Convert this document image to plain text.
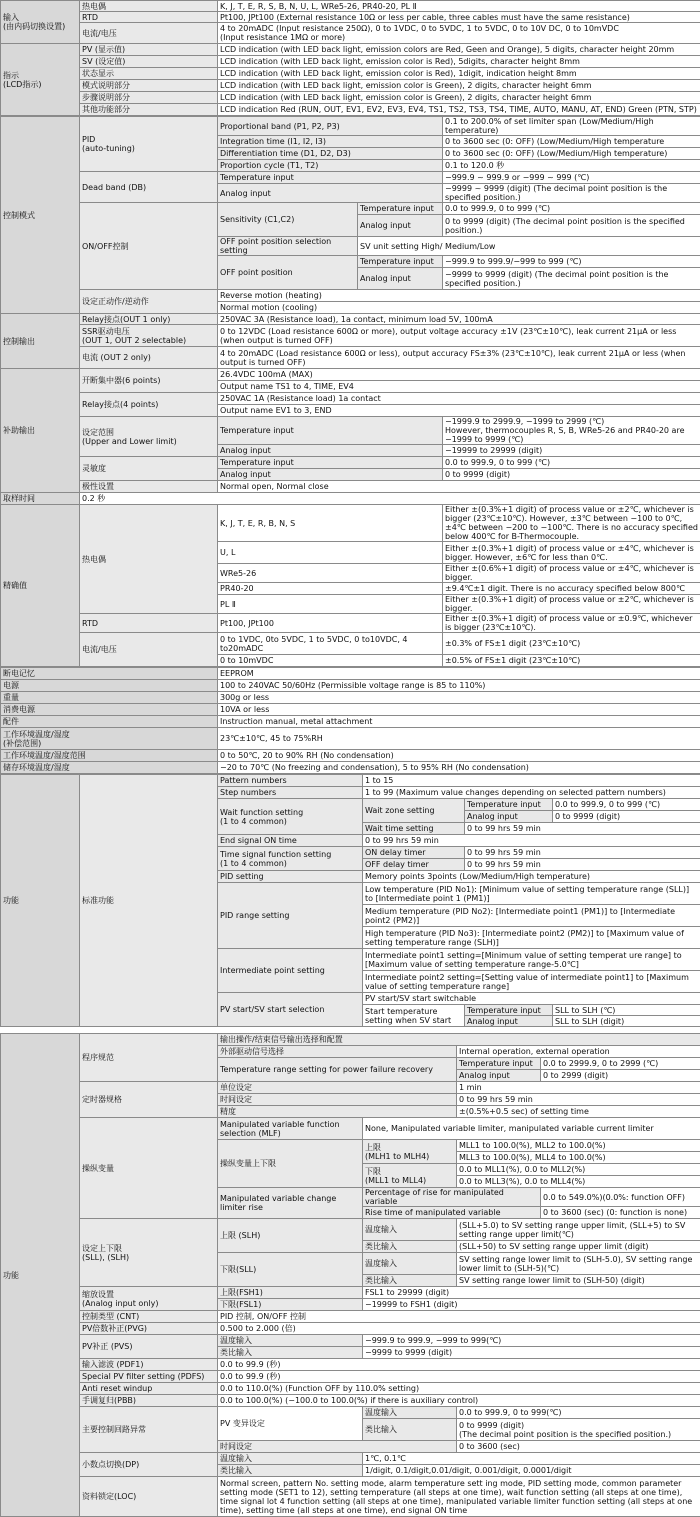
输入
(由内码切换设置)	热电偶	K, J, T, E, R, S, B, N, U, L, WRe5-26, PR40-20, PL Ⅱ
	RTD	Pt100, JPt100 (External resistance 10Ω or less per cable, three cables must have the same resistance)
	电流/电压	4 to 20mADC (Input resistance 250Ω), 0 to 1VDC, 0 to 5VDC, 1 to 5VDC, 0 to 10V DC, 0 to 10mVDC
(Input resistance 1MΩ or more)
指示
(LCD指示)	PV (显示值)	LCD indication (with LED back light, emission colors are Red, Geen and Orange), 5 digits, character height 20mm
	SV (设定值)	LCD indication (with LED back light, emission color is Red), 5digits, character height 8mm
	状态显示	LCD indication (with LED back light, emission color is Red), 1digit, indication height 8mm
	模式说明部分	LCD indication (with LED back light, emission color is Green), 2 digits, character height 6mm
	步骤说明部分	LCD indication (with LED back light, emission color is Green), 2 digits, character height 6mm
	其他功能部分	LCD indication Red (RUN, OUT, EV1, EV2, EV3, EV4, TS1, TS2, TS3, TS4, TIME, AUTO, MANU, AT, END) Green (PTN, STP)
控制模式	PID
(auto-tuning)	Proportional band (P1, P2, P3)		0.1 to 200.0% of set limiter span (Low/Medium/High temperature)
		Integration time (I1, I2, I3)		0 to 3600 sec (0: OFF) (Low/Medium/High temperature
		Differentiation time (D1, D2, D3)		0 to 3600 sec (0: OFF) (Low/Medium/High temperature)
		Proportion cycle (T1, T2)		0.1 to 120.0 秒
	Dead band (DB)	Temperature input		−999.9 ~ 999.9 or −999 ~ 999 (℃)
		Analog input		−9999 ~ 9999 (digit) (The decimal point position is the specified position.)
	ON/OFF控制	Sensitivity (C1,C2)	Temperature input	0.0 to 999.9, 0 to 999 (℃)
			Analog input	0 to 9999 (digit) (The decimal point position is the specified position.)
		OFF point position selection setting	SV unit setting High/ Medium/Low	
		OFF point position	Temperature input	−999.9 to 999.9/−999 to 999 (℃)
			Analog input	−9999 to 9999 (digit) (The decimal point position is the specified position.)
	设定正动作/逆动作	Reverse motion (heating)		
		Normal motion (cooling)		
控制输出	Relay接点(OUT 1 only)	250VAC 3A (Resistance load), 1a contact, minimum load 5V, 100mA		
	SSR驱动电压
(OUT 1, OUT 2 selectable)	0 to 12VDC (Load resistance 600Ω or more), output voltage accuracy ±1V (23℃±10℃), leak current 21μA or less (when output is turned OFF)		
	电流 (OUT 2 only)	4 to 20mADC (Load resistance 600Ω or less), output accuracy FS±3% (23℃±10℃), leak current 21μA or less (when output is turned OFF)		
补助输出	开断集中器(6 points)	26.4VDC 100mA (MAX)		
		Output name TS1 to 4, TIME, EV4		
	Relay接点(4 points)	250VAC 1A (Resistance load) 1a contact		
		Output name EV1 to 3, END		
	设定范围
(Upper and Lower limit)	Temperature input		−1999.9 to 2999.9, −1999 to 2999 (℃)
However, thermocouples R, S, B, WRe5-26 and PR40-20 are −1999 to 9999 (℃)
		Analog input		−19999 to 29999 (digit)
	灵敏度	Temperature input		0.0 to 999.9, 0 to 999 (℃)
		Analog input		0 to 9999 (digit)
	极性设置	Normal open, Normal close		
取样时间	0.2 秒			
精确值	热电偶	K, J, T, E, R, B, N, S		Either ±(0.3%+1 digit) of process value or ±2℃, whichever is bigger (23℃±10℃). However, ±3℃ between −100 to 0℃, ±4℃ between −200 to −100℃. There is no accuracy specified below 400℃ for B-Thermocouple.
		U, L		Either ±(0.3%+1 digit) of process value or ±4℃, whichever is bigger. However, ±6℃ for less than 0℃.
		WRe5-26		Either ±(0.6%+1 digit) of process value or ±4℃, whichever is bigger.
		PR40-20		±9.4℃±1 digit. There is no accuracy specified below 800℃
		PL Ⅱ		Either ±(0.3%+1 digit) of process value or ±2℃, whichever is bigger.
	RTD	Pt100, JPt100		Either ±(0.3%+1 digit) of process value or ±0.9℃, whichever is bigger (23℃±10℃).
	电流/电压	0 to 1VDC, 0to 5VDC, 1 to 5VDC, 0 to10VDC, 4 to20mADC		±0.3% of FS±1 digit (23℃±10℃)
		0 to 10mVDC		±0.5% of FS±1 digit (23℃±10℃)
断电记忆	EEPROM
电源	100 to 240VAC 50/60Hz (Permissible voltage range is 85 to 110%)
重量	300g or less
消费电源	10VA or less
配件	Instruction manual, metal attachment
工作环境温度/湿度
(补偿范围)	23℃±10℃, 45 to 75%RH
工作环境温度/湿度范围	0 to 50℃, 20 to 90% RH (No condensation)
储存环境温度/湿度	−20 to 70℃ (No freezing and condensation), 5 to 95% RH (No condensation)
功能	标准功能	Pattern numbers	1 to 15		
		Step numbers	1 to 99 (Maximum value changes depending on selected pattern numbers)		
		Wait function setting
(1 to 4 common)	Wait zone setting	Temperature input	0.0 to 999.9, 0 to 999 (℃)
				Analog input	0 to 9999 (digit)
			Wait time setting	0 to 99 hrs 59 min	
		End signal ON time	0 to 99 hrs 59 min		
		Time signal function setting
(1 to 4 common)	ON delay timer	0 to 99 hrs 59 min	
			OFF delay timer	0 to 99 hrs 59 min	
		PID setting	Memory points 3points (Low/Medium/High temperature)		
		PID range setting	Low temperature (PID No1): [Minimum value of setting temperature range (SLL)] to [Intermediate point 1 (PM1)]		
			Medium temperature (PID No2): [Intermediate point1 (PM1)] to [Intermediate point2 (PM2)]		
			High temperature (PID No3): [Intermediate point2 (PM2)] to [Maximum value of setting temperature range (SLH)]		
		Intermediate point setting	Intermediate point1 setting=[Minimum value of setting temperat ure range] to [Maximum value of setting temperature range-5.0℃]		
			Intermediate point2 setting=[Setting value of intermediate point1] to [Maximum value of setting temperature range]		
		PV start/SV start selection	PV start/SV start switchable		
			Start temperature setting when SV start	Temperature input	SLL to SLH (℃)
				Analog input	SLL to SLH (digit)
功能	程序规范	输出操作/结束信号输出选择和配置			
		外部驱动信号选择		Internal operation, external operation	
		Temperature range setting for power failure recovery		Temperature input	0.0 to 2999.9, 0 to 2999 (℃)
				Analog input	0 to 2999 (digit)
	定时器规格	单位设定		1 min	
		时间设定		0 to 99 hrs 59 min	
		精度		±(0.5%+0.5 sec) of setting time	
	操纵变量	Manipulated variable function selection (MLF)	None, Manipulated variable limiter, manipulated variable current limiter		
		操纵变量上下限	上限
(MLH1 to MLH4)	MLL1 to 100.0(%), MLL2 to 100.0(%)	
				MLL3 to 100.0(%), MLL4 to 100.0(%)	
			下限
(MLL1 to MLL4)	0.0 to MLL1(%), 0.0 to MLL2(%)	
				0.0 to MLL3(%), 0.0 to MLL4(%)	
		Manipulated variable change limiter rise	Percentage of rise for manipulated variable		0.0 to 549.0%)(0.0%: function OFF)
			Rise time of manipulated variable		0 to 3600 (sec) (0: function is none)
	设定上下限
(SLL), (SLH)	上限 (SLH)	温度输入	(SLL+5.0) to SV setting range upper limit, (SLL+5) to SV setting range upper limit(℃)	
			类比输入	(SLL+50) to SV setting range upper limit (digit)	
		下限(SLL)	温度输入	SV setting range lower limit to (SLH-5.0), SV setting range lower limit to (SLH-5)(℃)	
			类比输入	SV setting range lower limit to (SLH-50) (digit)	
	缩放设置
(Analog input only)	上限(FSH1)	FSL1 to 29999 (digit)		
		下限(FSL1)	−19999 to FSH1 (digit)		
	控制类型 (CNT)	PID 控制, ON/OFF 控制			
	PV倍数补正(PVG)	0.500 to 2.000 (倍)			
	PV补正 (PVS)	温度输入	−999.9 to 999.9, −999 to 999(℃)		
		类比输入	−9999 to 9999 (digit)		
	输入滤波 (PDF1)	0.0 to 99.9 (秒)			
	Special PV filter setting (PDFS)	0.0 to 99.9 (秒)			
	Anti reset windup	0.0 to 110.0(%) (Function OFF by 110.0% setting)			
	手调复归(PBB)	0.0 to 100.0(%) (−100.0 to 100.0(%) if there is auxiliary control)			
	主要控制回路异常	PV 变异设定	温度输入	0.0 to 999.9, 0 to 999(℃)	
			类比输入	0 to 9999 (digit)
(The decimal point position is the specified position.)	
		时间设定		0 to 3600 (sec)	
	小数点切换(DP)	温度输入	1℃, 0.1℃		
		类比输入	1/digit, 0.1/digit,0.01/digit, 0.001/digit, 0.0001/digit		
	资料锁定(LOC)	Normal screen, pattern No. setting mode, alarm temperature sett ing mode, PID setting mode, common parameter setting mode (SET1 to 12), setting temperature (all steps at one time), wait function setting (all steps at one time), time signal lot 4 function setting (all steps at one time), manipulated variable limiter function setting (all steps at one time), setting time (all steps at one time), end signal ON time			
